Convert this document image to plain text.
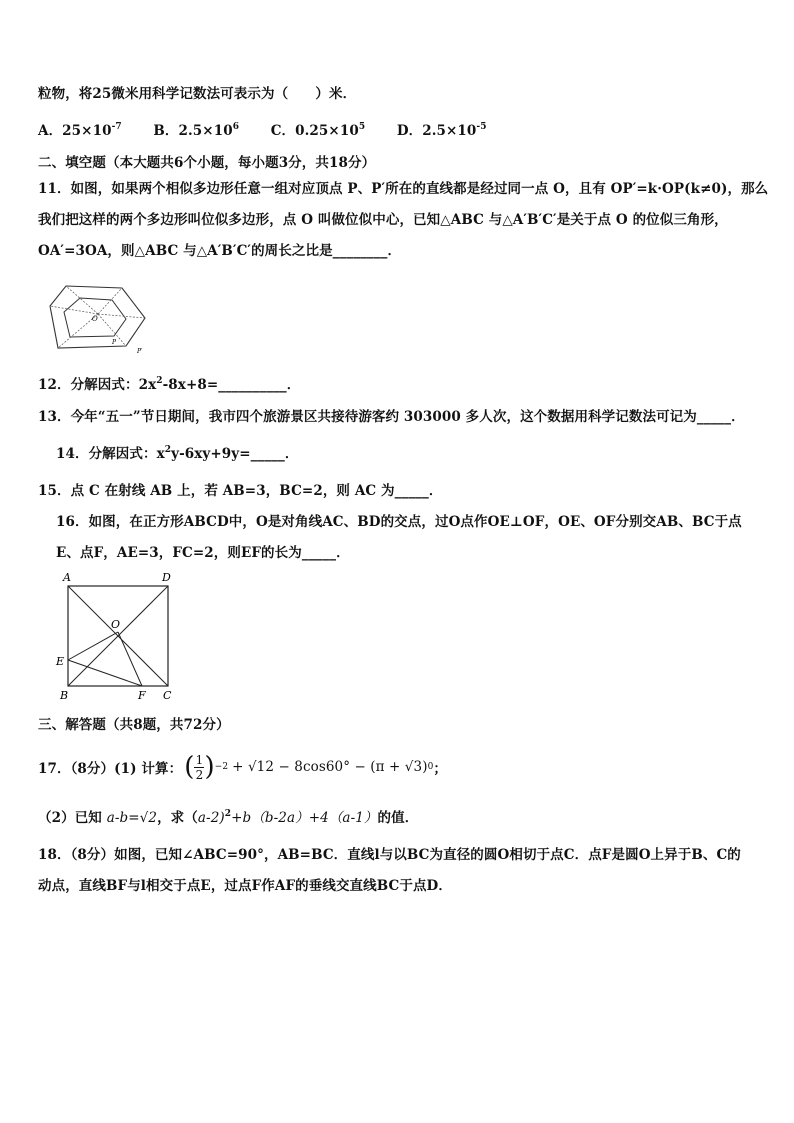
粒物，将25微米用科学记数法可表示为（　　）米．
A．$25\times 10^{-7}$ B．$2.5\times 10^6$ C．$0.25\times 10^5$ D．$2.5\times 10^{-5}$
二、填空题（本大题共6个小题，每小题3分，共18分）
11．如图，如果两个相似多边形任意一组对应顶点 P、P′所在的直线都是经过同一点 O，且有 OP′=k·OP(k≠0)，那么
我们把这样的两个多边形叫位似多边形，点 O 叫做位似中心，已知△ABC 与△A′B′C′是关于点 O 的位似三角形，
OA′=3OA，则△ABC 与△A′B′C′的周长之比是________．
O
P
P′
12．分解因式：$2x^2-8x+8=\_\_\_\_\_\_\_\_\_\_$．
13．今年“五一”节日期间，我市四个旅游景区共接待游客约 303000 多人次，这个数据用科学记数法可记为_____．
14．分解因式：$x^2y-6xy+9y=\_\_\_\_\_$．
15．点 C 在射线 AB 上，若 AB=3，BC=2，则 AC 为_____．
16．如图，在正方形ABCD中，O是对角线AC、BD的交点，过O点作OE⊥OF，OE、OF分别交AB、BC于点
E、点F，AE=3，FC=2，则EF的长为_____．
A	D
O
E
B	F C
三、解答题（共8题，共72分）
17．（8分）(1) 计算： ( 1
2 ) −2 + √12 − 8cos60° − (π + √3) 0 ；
（2）已知 a-b=√2，求（a-2)$^2$+b（b-2a）+4（a-1）的值．
18．（8分）如图，已知∠ABC=90°，AB=BC．直线l与以BC为直径的圆O相切于点C．点F是圆O上异于B、C的
动点，直线BF与l相交于点E，过点F作AF的垂线交直线BC于点D．
